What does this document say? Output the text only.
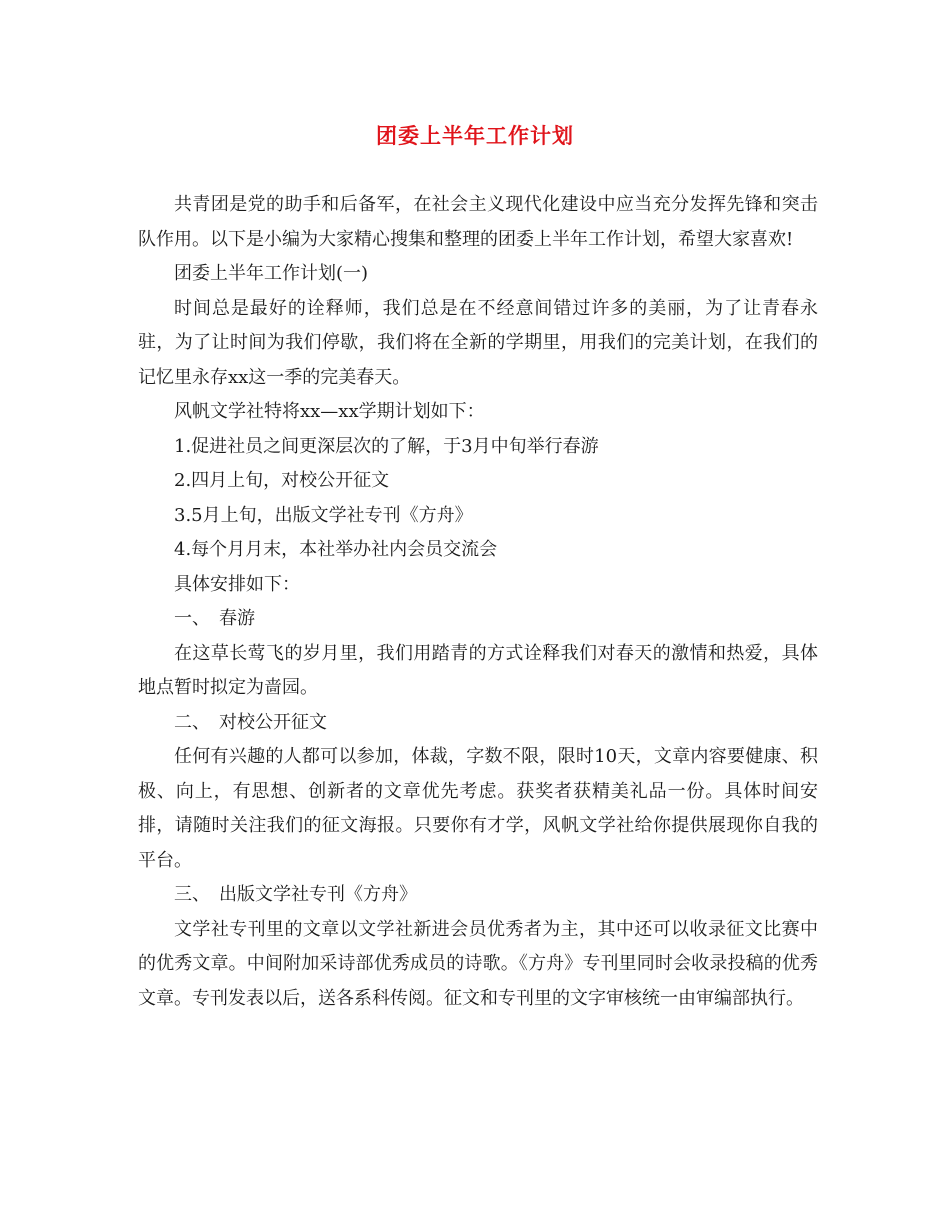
团委上半年工作计划

共青团是党的助手和后备军，在社会主义现代化建设中应当充分发挥先锋和突击队作用。以下是小编为大家精心搜集和整理的团委上半年工作计划，希望大家喜欢!

团委上半年工作计划(一)

时间总是最好的诠释师，我们总是在不经意间错过许多的美丽，为了让青春永驻，为了让时间为我们停歇，我们将在全新的学期里，用我们的完美计划，在我们的记忆里永存xx这一季的完美春天。

风帆文学社特将xx—xx学期计划如下：

1.促进社员之间更深层次的了解，于3月中旬举行春游

2.四月上旬，对校公开征文

3.5月上旬，出版文学社专刊《方舟》

4.每个月月末，本社举办社内会员交流会

具体安排如下：

一、　春游

在这草长莺飞的岁月里，我们用踏青的方式诠释我们对春天的激情和热爱，具体地点暂时拟定为啬园。

二、　对校公开征文

任何有兴趣的人都可以参加，体裁，字数不限，限时10天，文章内容要健康、积极、向上，有思想、创新者的文章优先考虑。获奖者获精美礼品一份。具体时间安排，请随时关注我们的征文海报。只要你有才学，风帆文学社给你提供展现你自我的平台。

三、　出版文学社专刊《方舟》

文学社专刊里的文章以文学社新进会员优秀者为主，其中还可以收录征文比赛中的优秀文章。中间附加采诗部优秀成员的诗歌。《方舟》专刊里同时会收录投稿的优秀文章。专刊发表以后，送各系科传阅。征文和专刊里的文字审核统一由审编部执行。
